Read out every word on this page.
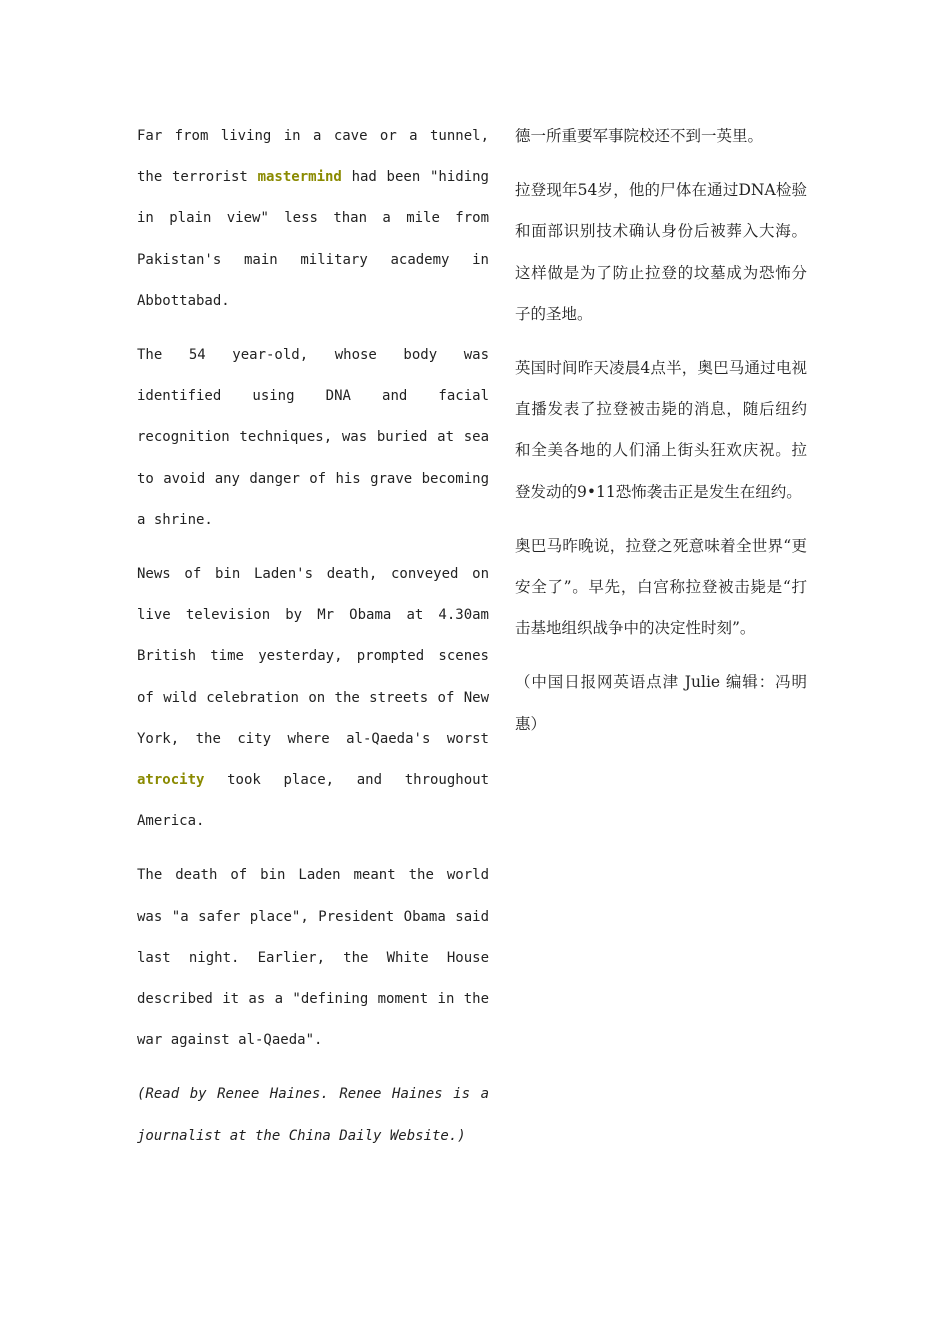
Far from living in a cave or a tunnel, the terrorist mastermind had been "hiding in plain view" less than a mile from Pakistan's main military academy in Abbottabad.

The 54 year-old, whose body was identified using DNA and facial recognition techniques, was buried at sea to avoid any danger of his grave becoming a shrine.

News of bin Laden's death, conveyed on live television by Mr Obama at 4.30am British time yesterday, prompted scenes of wild celebration on the streets of New York, the city where al-Qaeda's worst atrocity took place, and throughout America.

The death of bin Laden meant the world was "a safer place", President Obama said last night. Earlier, the White House described it as a "defining moment in the war against al-Qaeda".

(Read by Renee Haines. Renee Haines is a journalist at the China Daily Website.)

德一所重要军事院校还不到一英里。

拉登现年54岁，他的尸体在通过DNA检验和面部识别技术确认身份后被葬入大海。这样做是为了防止拉登的坟墓成为恐怖分子的圣地。

英国时间昨天凌晨4点半，奥巴马通过电视直播发表了拉登被击毙的消息，随后纽约和全美各地的人们涌上街头狂欢庆祝。拉登发动的9•11恐怖袭击正是发生在纽约。

奥巴马昨晚说，拉登之死意味着全世界“更安全了”。早先，白宫称拉登被击毙是“打击基地组织战争中的决定性时刻”。

（中国日报网英语点津 Julie 编辑：冯明惠）
